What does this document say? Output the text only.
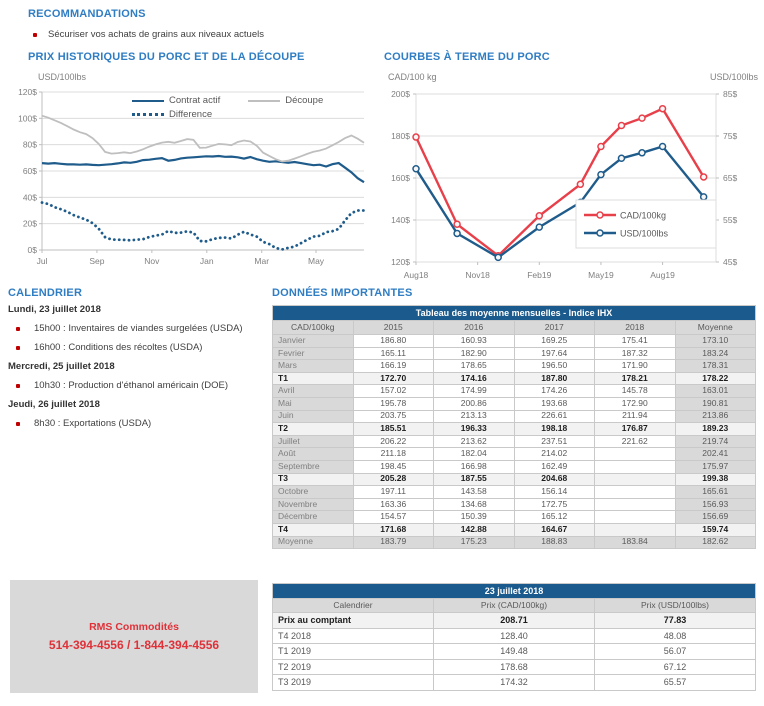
RECOMMANDATIONS
Sécuriser vos achats de grains aux niveaux actuels
PRIX HISTORIQUES DU PORC ET DE LA DÉCOUPE
USD/100lbs
0$
20$
40$
60$
80$
100$
120$
Jul	Sep	Nov	Jan	Mar	May
Contrat actif	Découpe
Difference
CALENDRIER
Lundi, 23 juillet 2018
15h00 : Inventaires de viandes surgelées (USDA)
16h00 : Conditions des récoltes (USDA)
Mercredi, 25 juillet 2018
10h30 : Production d'éthanol américain (DOE)
Jeudi, 26 juillet 2018
8h30 : Exportations (USDA)
RMS Commodités
514-394-4556 / 1-844-394-4556
COURBES À TERME DU PORC
CAD/100 kg	USD/100lbs
120$
140$
160$
180$
200$
45$
55$
65$
75$
85$
Aug18	Nov18	Feb19	May19	Aug19
CAD/100kg
USD/100lbs
DONNÉES IMPORTANTES
Tableau des moyenne mensuelles - Indice IHX					
CAD/100kg	2015	2016	2017	2018	Moyenne
Janvier	186.80	160.93	169.25	175.41	173.10
Fevrier	165.11	182.90	197.64	187.32	183.24
Mars	166.19	178.65	196.50	171.90	178.31
T1	172.70	174.16	187.80	178.21	178.22
Avril	157.02	174.99	174.26	145.78	163.01
Mai	195.78	200.86	193.68	172.90	190.81
Juin	203.75	213.13	226.61	211.94	213.86
T2	185.51	196.33	198.18	176.87	189.23
Juillet	206.22	213.62	237.51	221.62	219.74
Août	211.18	182.04	214.02		202.41
Septembre	198.45	166.98	162.49		175.97
T3	205.28	187.55	204.68		199.38
Octobre	197.11	143.58	156.14		165.61
Novembre	163.36	134.68	172.75		156.93
Décembre	154.57	150.39	165.12		156.69
T4	171.68	142.88	164.67		159.74
Moyenne	183.79	175.23	188.83	183.84	182.62
23 juillet 2018		
Calendrier	Prix (CAD/100kg)	Prix (USD/100lbs)
Prix au comptant	208.71	77.83
T4 2018	128.40	48.08
T1 2019	149.48	56.07
T2 2019	178.68	67.12
T3 2019	174.32	65.57
